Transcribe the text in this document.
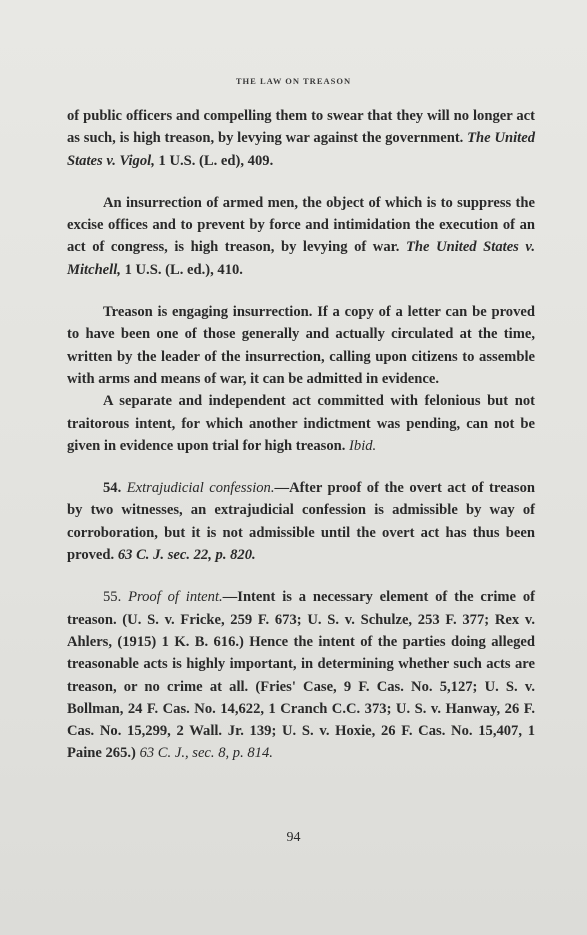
THE LAW ON TREASON

of public officers and compelling them to swear that they will no longer act as such, is high treason, by levying war against the government. The United States v. Vigol, 1 U.S. (L. ed), 409.

An insurrection of armed men, the object of which is to suppress the excise offices and to prevent by force and intimidation the execution of an act of congress, is high treason, by levying of war. The United States v. Mitchell, 1 U.S. (L. ed.), 410.

Treason is engaging insurrection. If a copy of a letter can be proved to have been one of those generally and actually circulated at the time, written by the leader of the insurrection, calling upon citizens to assemble with arms and means of war, it can be admitted in evidence.

A separate and independent act committed with felonious but not traitorous intent, for which another indictment was pending, can not be given in evidence upon trial for high treason. Ibid.

54. Extrajudicial confession.—After proof of the overt act of treason by two witnesses, an extrajudicial confession is admissible by way of corroboration, but it is not admissible until the overt act has thus been proved. 63 C. J. sec. 22, p. 820.

55. Proof of intent.—Intent is a necessary element of the crime of treason. (U. S. v. Fricke, 259 F. 673; U. S. v. Schulze, 253 F. 377; Rex v. Ahlers, (1915) 1 K. B. 616.) Hence the intent of the parties doing alleged treasonable acts is highly important, in determining whether such acts are treason, or no crime at all. (Fries' Case, 9 F. Cas. No. 5,127; U. S. v. Bollman, 24 F. Cas. No. 14,622, 1 Cranch C.C. 373; U. S. v. Hanway, 26 F. Cas. No. 15,299, 2 Wall. Jr. 139; U. S. v. Hoxie, 26 F. Cas. No. 15,407, 1 Paine 265.) 63 C. J., sec. 8, p. 814.

94
